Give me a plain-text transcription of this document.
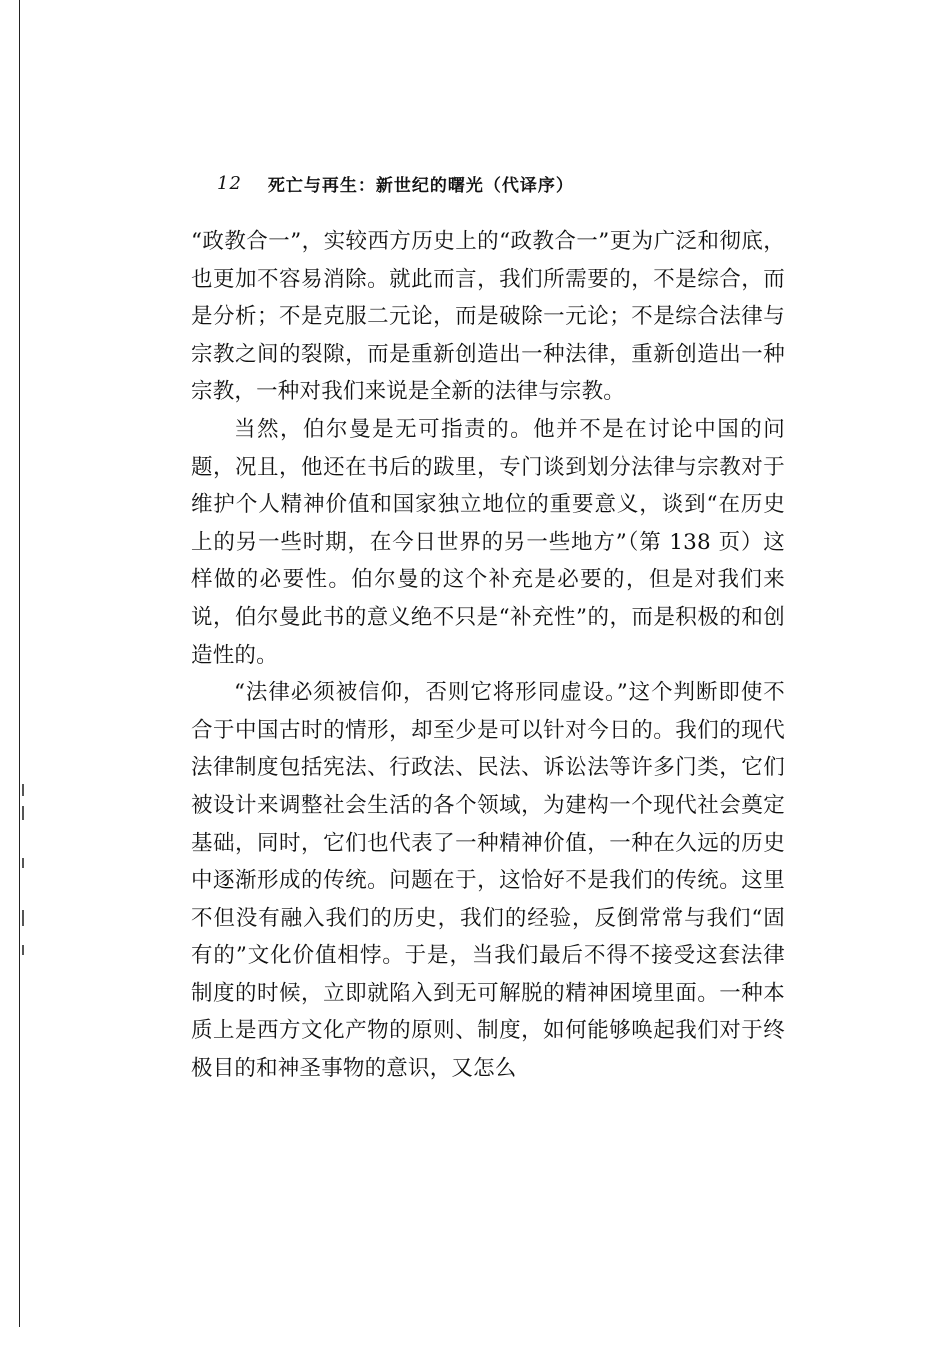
12 死亡与再生：新世纪的曙光（代译序）

“政教合一”，实较西方历史上的“政教合一”更为广泛和彻底，也更加不容易消除。就此而言，我们所需要的，不是综合，而是分析；不是克服二元论，而是破除一元论；不是综合法律与宗教之间的裂隙，而是重新创造出一种法律，重新创造出一种宗教，一种对我们来说是全新的法律与宗教。

当然，伯尔曼是无可指责的。他并不是在讨论中国的问题，况且，他还在书后的跋里，专门谈到划分法律与宗教对于维护个人精神价值和国家独立地位的重要意义，谈到“在历史上的另一些时期，在今日世界的另一些地方”（第 138 页）这样做的必要性。伯尔曼的这个补充是必要的，但是对我们来说，伯尔曼此书的意义绝不只是“补充性”的，而是积极的和创造性的。

“法律必须被信仰，否则它将形同虚设。”这个判断即使不合于中国古时的情形，却至少是可以针对今日的。我们的现代法律制度包括宪法、行政法、民法、诉讼法等许多门类，它们被设计来调整社会生活的各个领域，为建构一个现代社会奠定基础，同时，它们也代表了一种精神价值，一种在久远的历史中逐渐形成的传统。问题在于，这恰好不是我们的传统。这里不但没有融入我们的历史，我们的经验，反倒常常与我们“固有的”文化价值相悖。于是，当我们最后不得不接受这套法律制度的时候，立即就陷入到无可解脱的精神困境里面。一种本质上是西方文化产物的原则、制度，如何能够唤起我们对于终极目的和神圣事物的意识，又怎么
